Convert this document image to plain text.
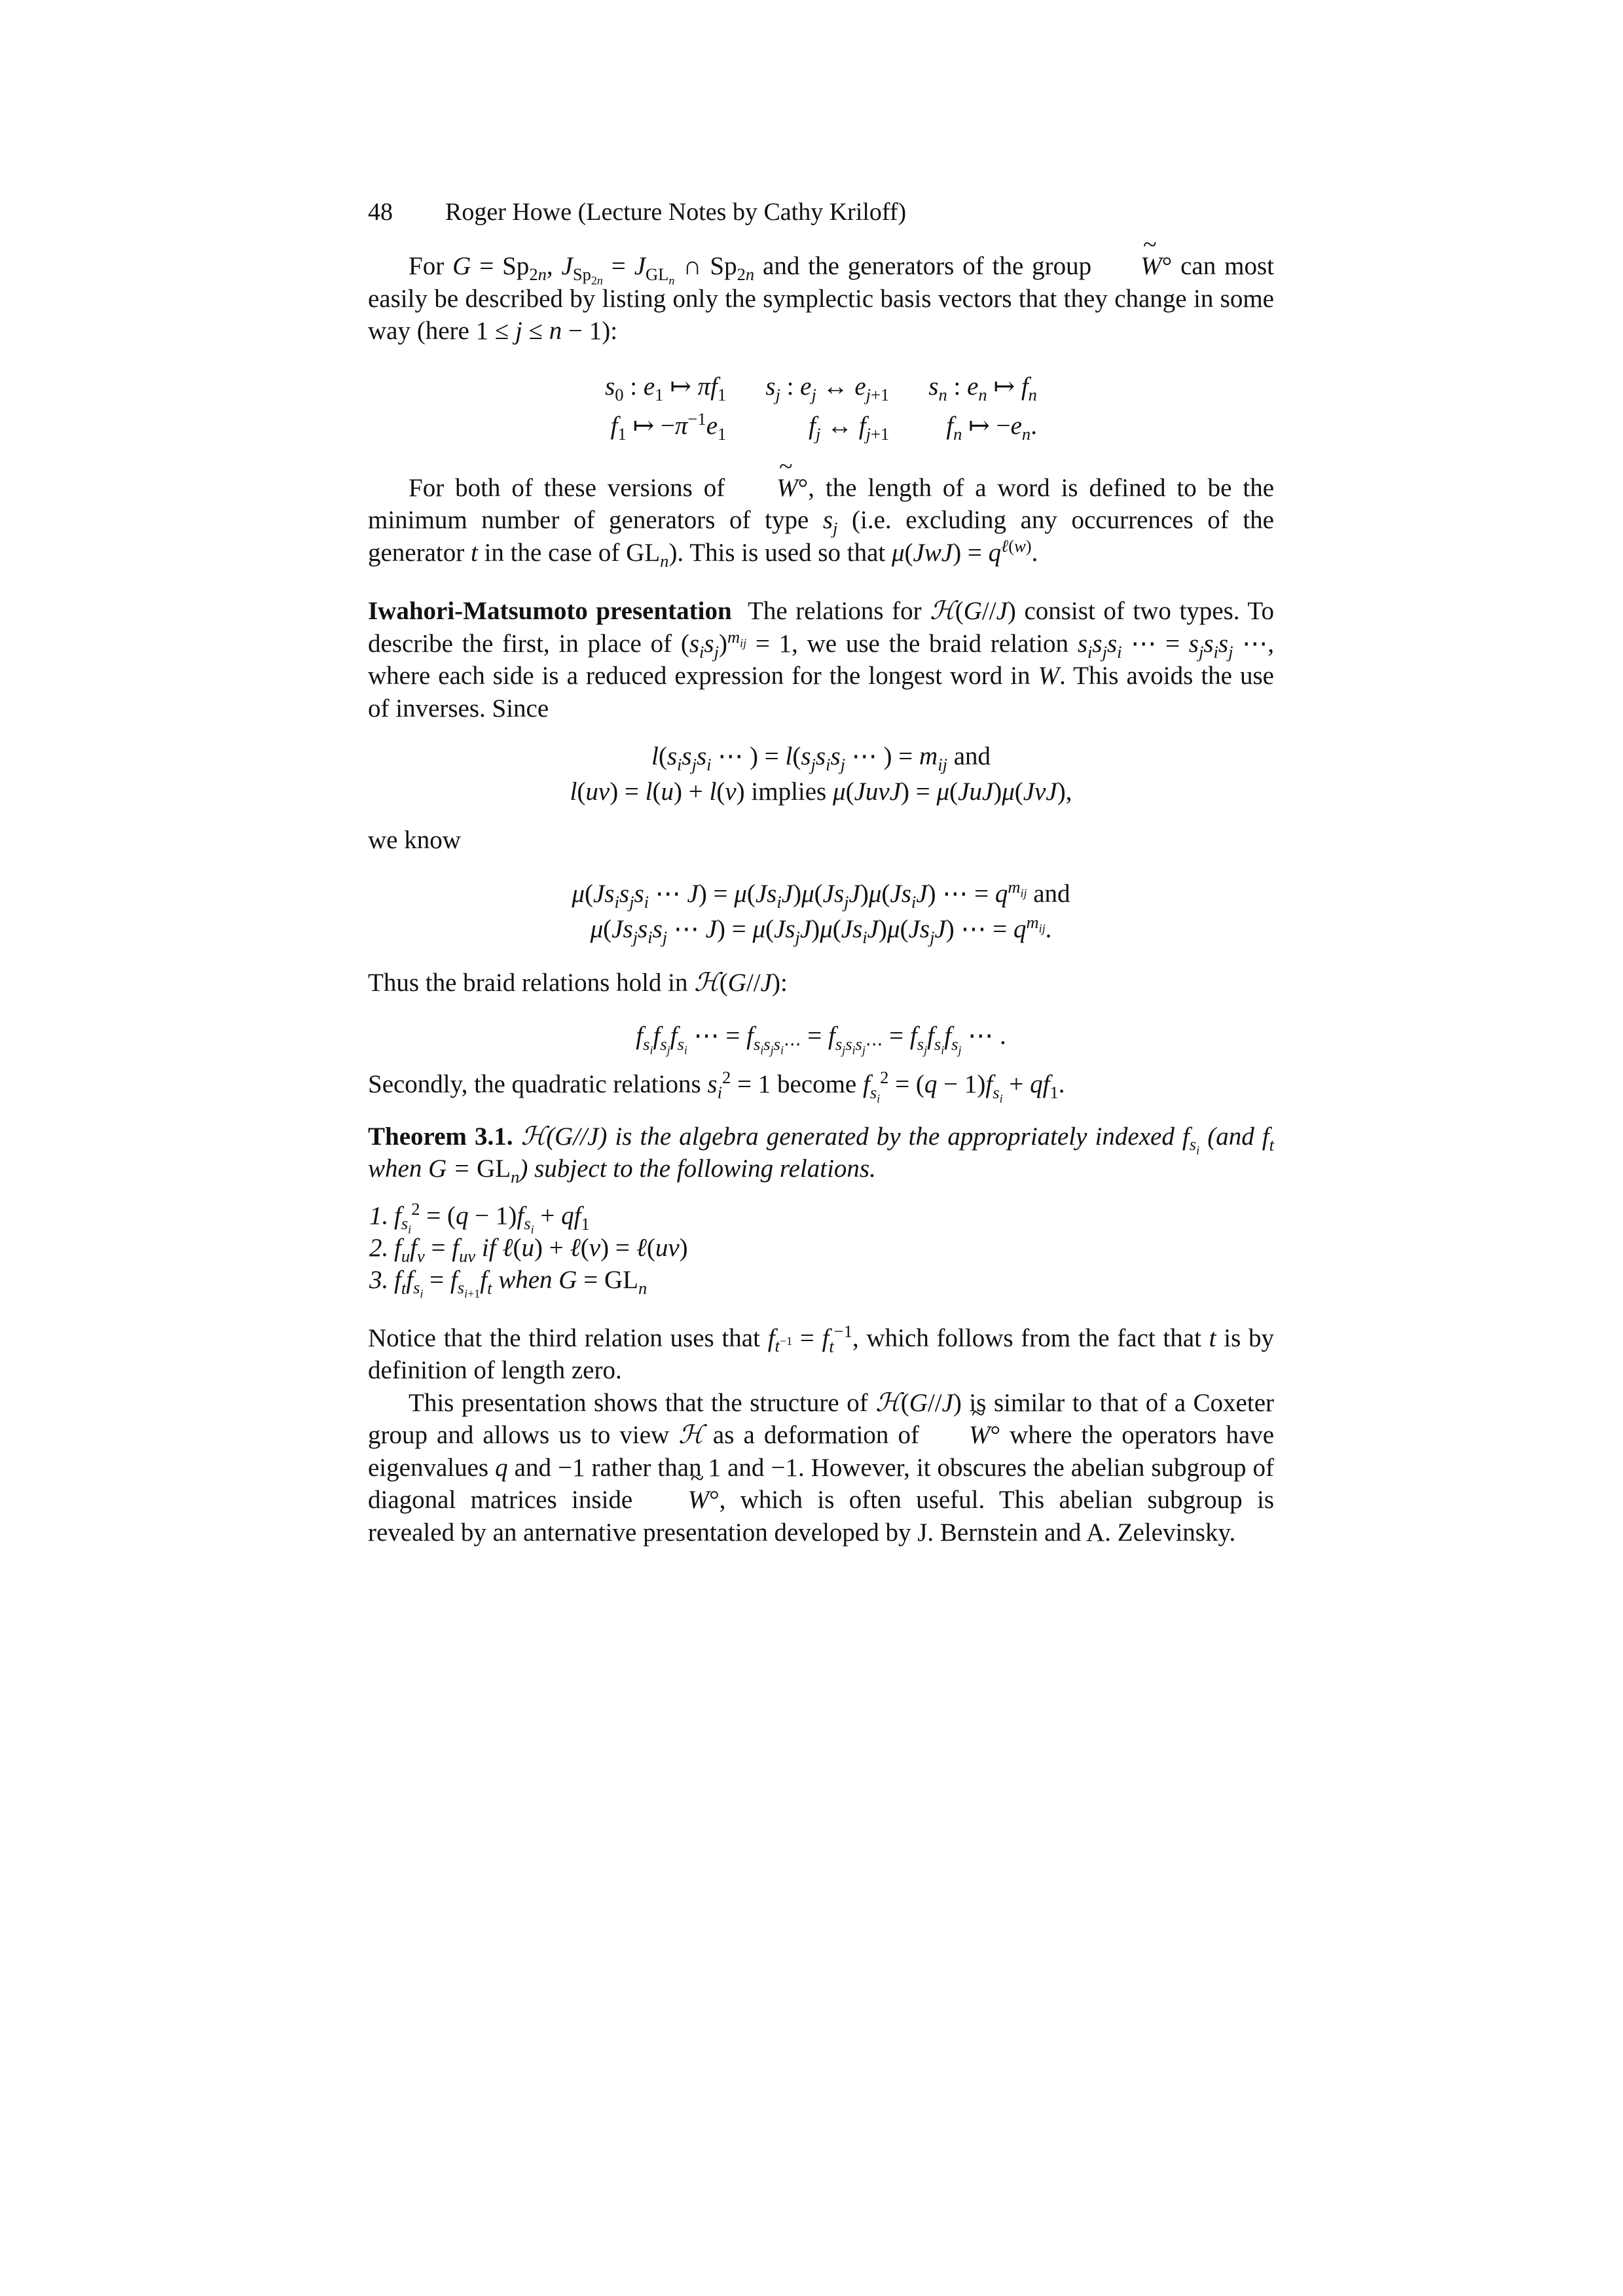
48 Roger Howe (Lecture Notes by Cathy Kriloff)

For $G = Sp_{2n}$, $J_{Sp_{2n}} = J_{GL_n}$ ∩ $Sp_{2n}$ and the generators of the group ~ W° can most easily be described by listing only the symplectic basis vectors that they change in some way (here 1 ≤ j ≤ n − 1):

$s_0$ : $e_1$ ↦ $\pi f_1$		$s_j$ : $e_j$ ↔ $e_{j+1}$		$s_n$ : $e_n$ ↦ $f_n$
$f_1$ ↦ $-\pi^{-1}e_1$		$f_j$ ↔ $f_{j+1}$		$f_n$ ↦ $-e_n$.

For both of these versions of ~ W°, the length of a word is defined to be the minimum number of generators of type $s_j$ (i.e. excluding any occurrences of the generator t in the case of $GL_n$). This is used so that $\mu(JwJ) = q^{\ell(w)}$.

Iwahori-Matsumoto presentation  The relations for ℋ(G//J) consist of two types. To describe the first, in place of $(s_is_j)^{m_{ij}} = 1$, we use the braid relation $s_is_js_i$ ⋯ = $s_js_is_j$ ⋯, where each side is a reduced expression for the longest word in W. This avoids the use of inverses. Since

$l(s_is_js_i$ ⋯ ) = $l(s_js_is_j$ ⋯ ) = $m_{ij}$ and
l(uv) = l(u) + l(v) implies μ(JuvJ) = μ(JuJ)μ(JvJ),

we know

$\mu(Js_is_js_i$ ⋯ $J) = \mu(Js_iJ)\mu(Js_jJ)\mu(Js_iJ)$ ⋯ = $q^{m_{ij}}$ and
$\mu(Js_js_is_j$ ⋯ $J) = \mu(Js_jJ)\mu(Js_iJ)\mu(Js_jJ)$ ⋯ = $q^{m_{ij}}$.

Thus the braid relations hold in ℋ(G//J):

$f_{s_i}f_{s_j}f_{s_i}$ ⋯ = $f_{s_is_js_i\cdots} = f_{s_js_is_j\cdots} = f_{s_j}f_{s_i}f_{s_j}$ ⋯ .

Secondly, the quadratic relations $s_i^2 = 1$ become $f_{s_i}^2 = (q - 1)f_{s_i} + qf_1$.

Theorem 3.1. ℋ(G//J) is the algebra generated by the appropriately indexed $f_{s_i}$ (and $f_t$ when $G = GL_n$) subject to the following relations.

1. $f_{s_i}^2 = (q - 1)f_{s_i} + qf_1$
2. $f_uf_v = f_{uv}$ if ℓ(u) + ℓ(v) = ℓ(uv)
3. $f_tf_{s_i} = f_{s_{i+1}}f_t$ when $G = GL_n$

Notice that the third relation uses that $f_{t^{-1}} = f_t^{-1}$, which follows from the fact that t is by definition of length zero.

This presentation shows that the structure of ℋ(G//J) is similar to that of a Coxeter group and allows us to view ℋ as a deformation of ~ W° where the operators have eigenvalues q and −1 rather than 1 and −1. However, it obscures the abelian subgroup of diagonal matrices inside ~ W°, which is often useful. This abelian subgroup is revealed by an anternative presentation developed by J. Bernstein and A. Zelevinsky.
